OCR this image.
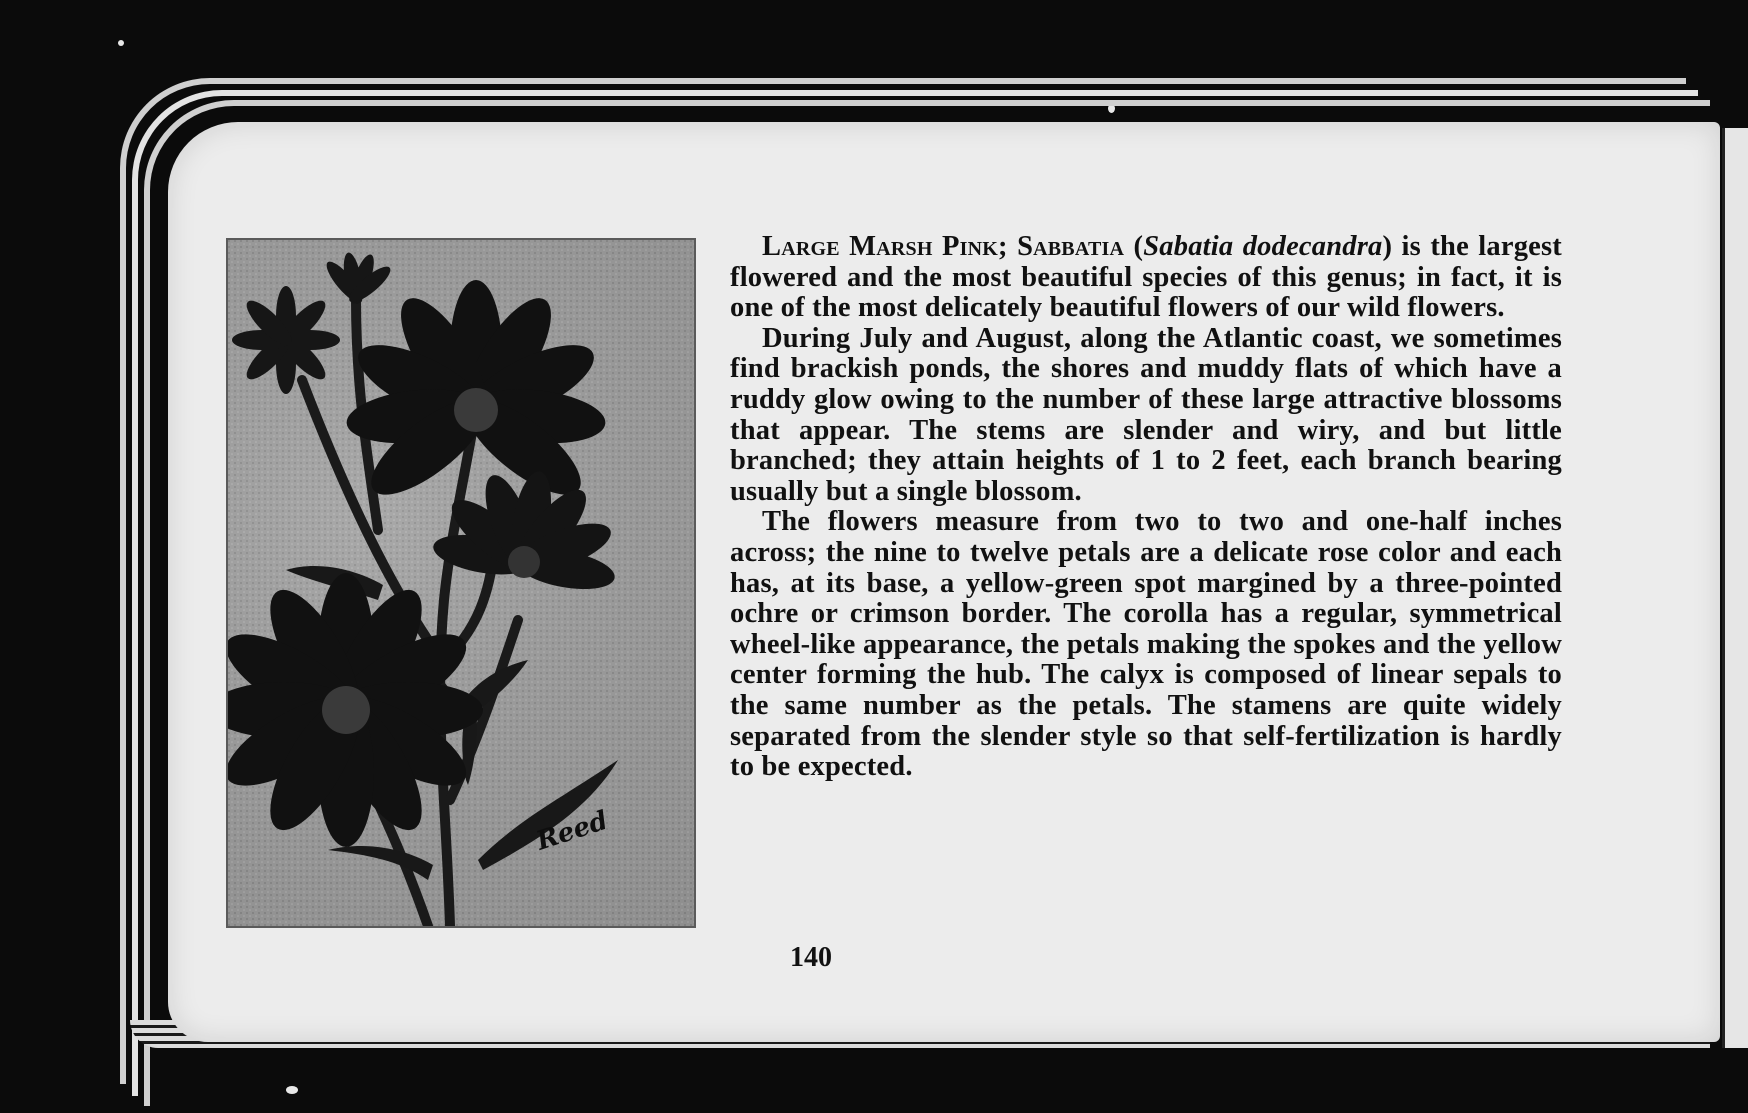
Reed

Large Marsh Pink; Sabbatia (Sabatia dodecandra) is the largest flowered and the most beautiful species of this genus; in fact, it is one of the most delicately beautiful flowers of our wild flowers.

During July and August, along the Atlantic coast, we sometimes find brackish ponds, the shores and muddy flats of which have a ruddy glow owing to the number of these large attractive blossoms that appear. The stems are slender and wiry, and but little branched; they attain heights of 1 to 2 feet, each branch bearing usually but a single blossom.

The flowers measure from two to two and one-half inches across; the nine to twelve petals are a delicate rose color and each has, at its base, a yellow-green spot margined by a three-pointed ochre or crimson border. The corolla has a regular, symmetrical wheel-like appearance, the petals making the spokes and the yellow center forming the hub. The calyx is composed of linear sepals to the same number as the petals. The stamens are quite widely separated from the slender style so that self-fertilization is hardly to be expected.

140
